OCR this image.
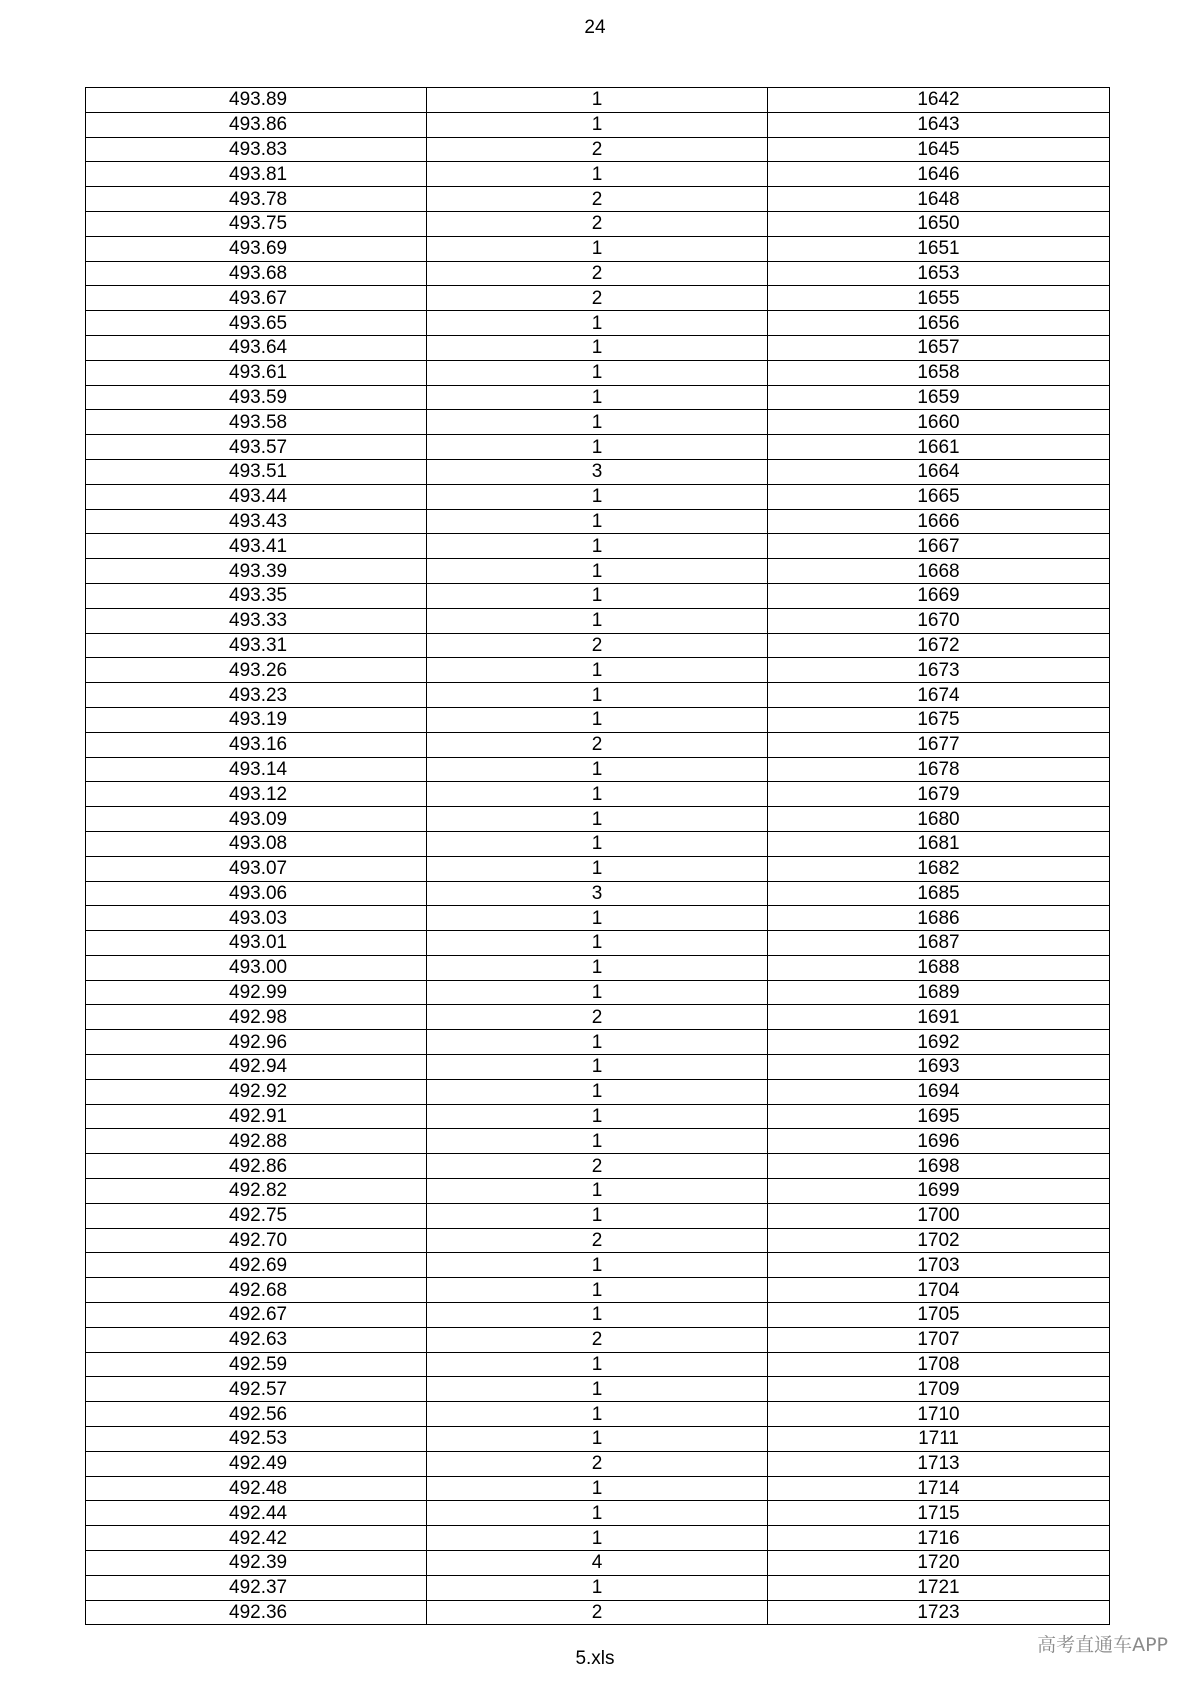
24
493.89	1	1642
493.86	1	1643
493.83	2	1645
493.81	1	1646
493.78	2	1648
493.75	2	1650
493.69	1	1651
493.68	2	1653
493.67	2	1655
493.65	1	1656
493.64	1	1657
493.61	1	1658
493.59	1	1659
493.58	1	1660
493.57	1	1661
493.51	3	1664
493.44	1	1665
493.43	1	1666
493.41	1	1667
493.39	1	1668
493.35	1	1669
493.33	1	1670
493.31	2	1672
493.26	1	1673
493.23	1	1674
493.19	1	1675
493.16	2	1677
493.14	1	1678
493.12	1	1679
493.09	1	1680
493.08	1	1681
493.07	1	1682
493.06	3	1685
493.03	1	1686
493.01	1	1687
493.00	1	1688
492.99	1	1689
492.98	2	1691
492.96	1	1692
492.94	1	1693
492.92	1	1694
492.91	1	1695
492.88	1	1696
492.86	2	1698
492.82	1	1699
492.75	1	1700
492.70	2	1702
492.69	1	1703
492.68	1	1704
492.67	1	1705
492.63	2	1707
492.59	1	1708
492.57	1	1709
492.56	1	1710
492.53	1	1711
492.49	2	1713
492.48	1	1714
492.44	1	1715
492.42	1	1716
492.39	4	1720
492.37	1	1721
492.36	2	1723
5.xls
高考直通车APP
